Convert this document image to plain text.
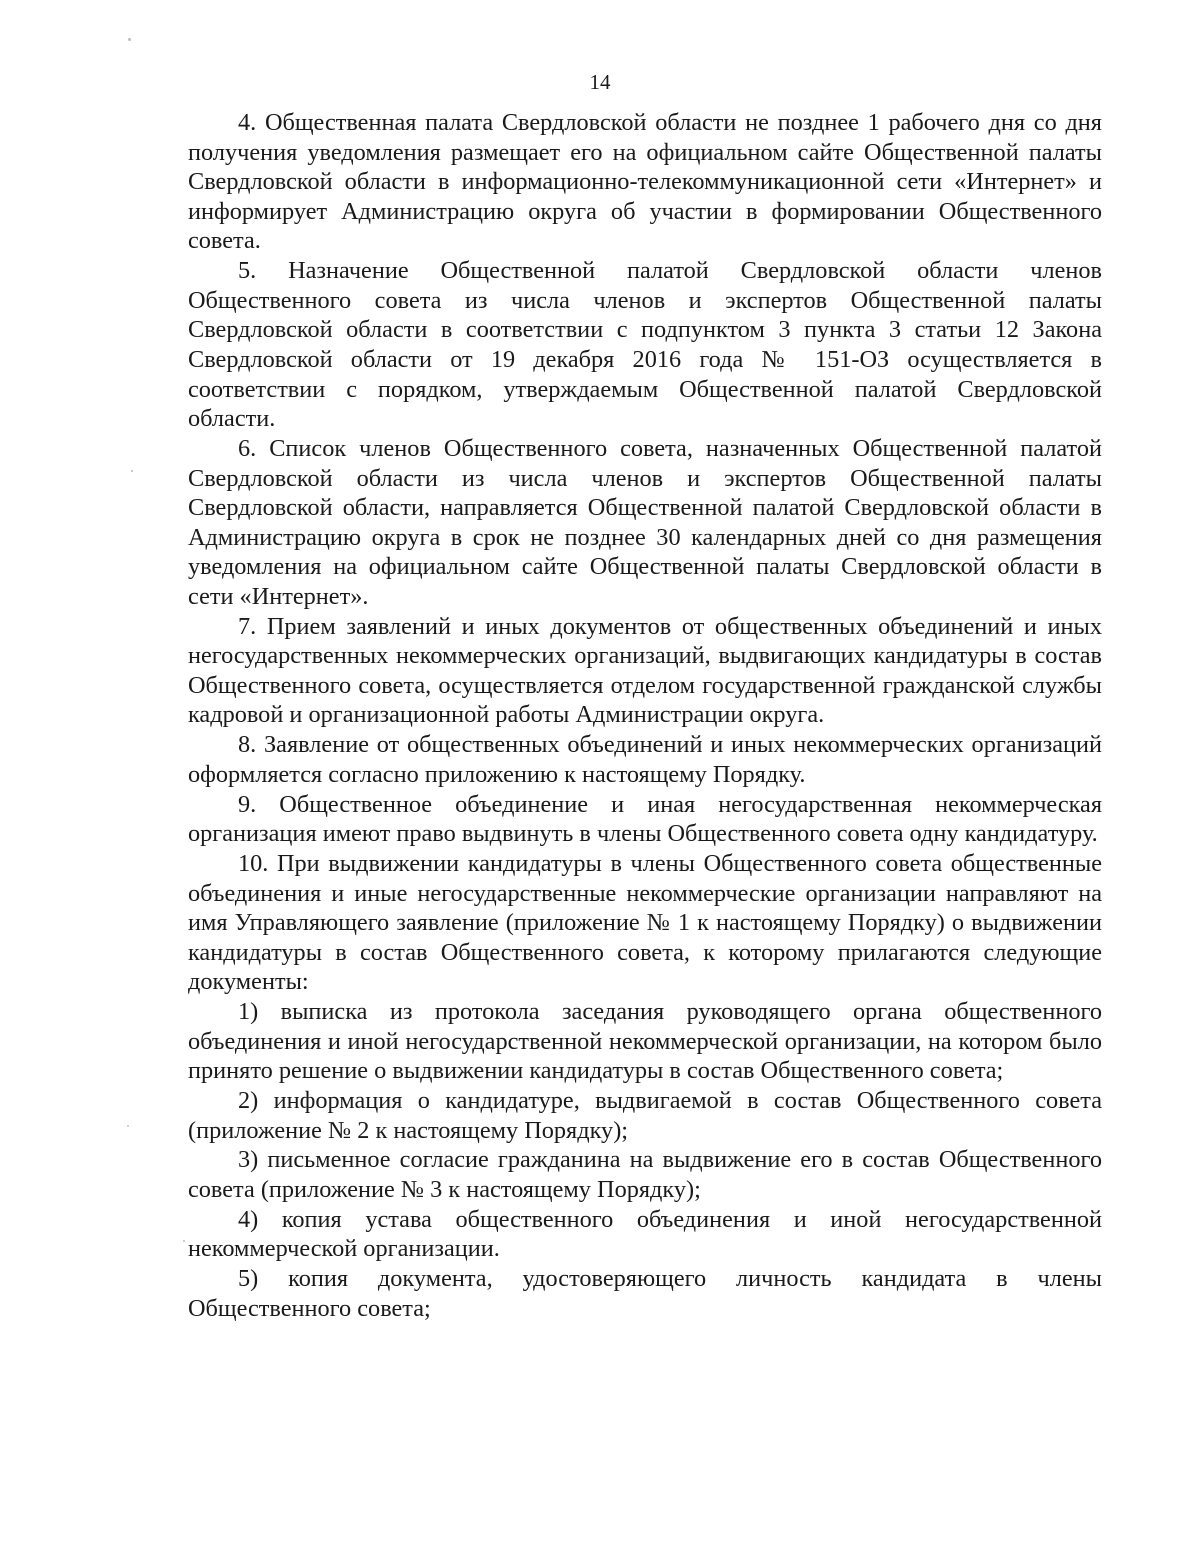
14

4. Общественная палата Свердловской области не позднее 1 рабочего дня со дня получения уведомления размещает его на официальном сайте Общественной палаты Свердловской области в информационно-телекоммуникационной сети «Интернет» и информирует Администрацию округа об участии в формировании Общественного совета.

5. Назначение Общественной палатой Свердловской области членов Общественного совета из числа членов и экспертов Общественной палаты Свердловской области в соответствии с подпунктом 3 пункта 3 статьи 12 Закона Свердловской области от 19 декабря 2016 года № 151-ОЗ осуществляется в соответствии с порядком, утверждаемым Общественной палатой Свердловской области.

6. Список членов Общественного совета, назначенных Общественной палатой Свердловской области из числа членов и экспертов Общественной палаты Свердловской области, направляется Общественной палатой Свердловской области в Администрацию округа в срок не позднее 30 календарных дней со дня размещения уведомления на официальном сайте Общественной палаты Свердловской области в сети «Интернет».

7. Прием заявлений и иных документов от общественных объединений и иных негосударственных некоммерческих организаций, выдвигающих кандидатуры в состав Общественного совета, осуществляется отделом государственной гражданской службы кадровой и организационной работы Администрации округа.

8. Заявление от общественных объединений и иных некоммерческих организаций оформляется согласно приложению к настоящему Порядку.

9. Общественное объединение и иная негосударственная некоммерческая организация имеют право выдвинуть в члены Общественного совета одну кандидатуру.

10. При выдвижении кандидатуры в члены Общественного совета общественные объединения и иные негосударственные некоммерческие организации направляют на имя Управляющего заявление (приложение № 1 к настоящему Порядку) о выдвижении кандидатуры в состав Общественного совета, к которому прилагаются следующие документы:

1) выписка из протокола заседания руководящего органа общественного объединения и иной негосударственной некоммерческой организации, на котором было принято решение о выдвижении кандидатуры в состав Общественного совета;

2) информация о кандидатуре, выдвигаемой в состав Общественного совета (приложение № 2 к настоящему Порядку);

3) письменное согласие гражданина на выдвижение его в состав Общественного совета (приложение № 3 к настоящему Порядку);

4) копия устава общественного объединения и иной негосударственной некоммерческой организации.

5) копия документа, удостоверяющего личность кандидата в члены Общественного совета;
